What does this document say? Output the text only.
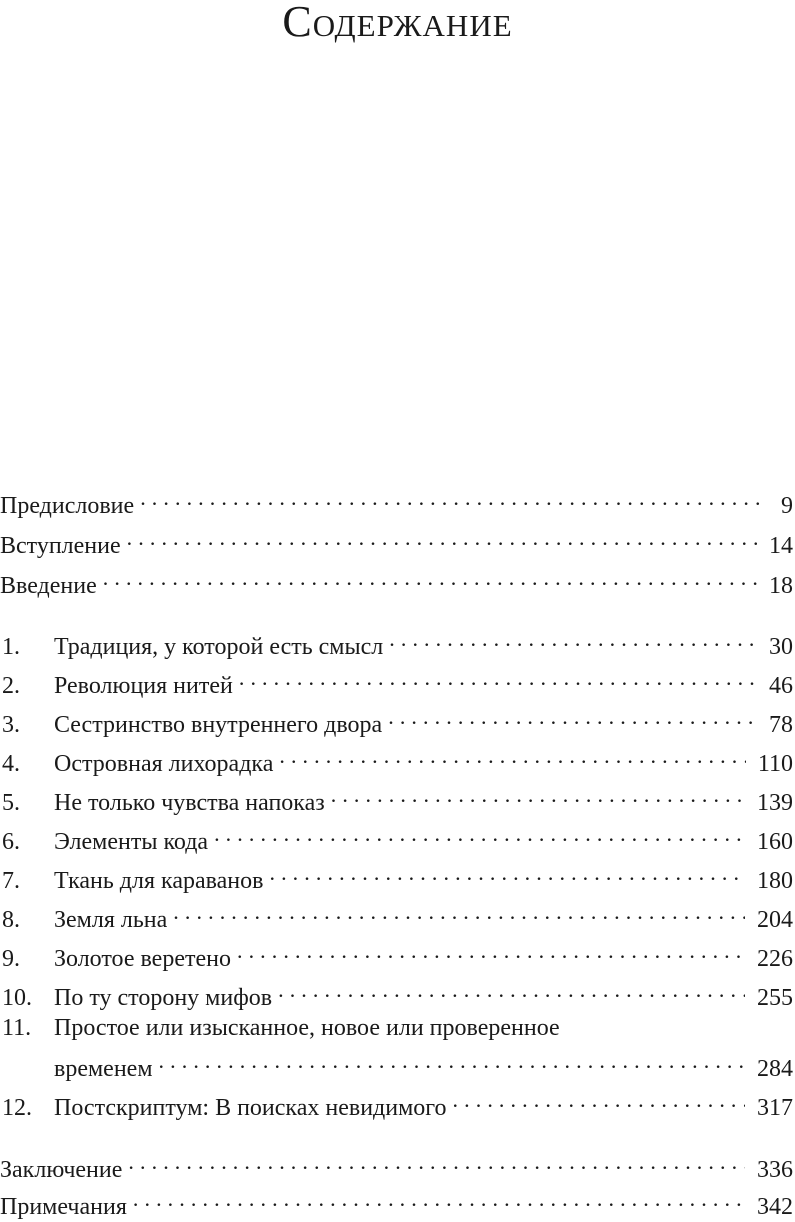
Содержание
Предисловие . . .	9
Вступление . . .	14
Введение . . .	18
1.	Традиция, у которой есть смысл . . .	30
2.	Революция нитей . . .	46
3.	Сестринство внутреннего двора . . .	78
4.	Островная лихорадка . . .	110
5.	Не только чувства напоказ . . .	139
6.	Элементы кода . . .	160
7.	Ткань для караванов . . .	180
8.	Земля льна . . .	204
9.	Золотое веретено . . .	226
10. По ту сторону мифов . . .	255
11. Простое или изысканное, новое или проверенное
временем . . .	284
12. Постскриптум: В поисках невидимого . . .	317
Заключение . . .	336
Примечания . . .	342
